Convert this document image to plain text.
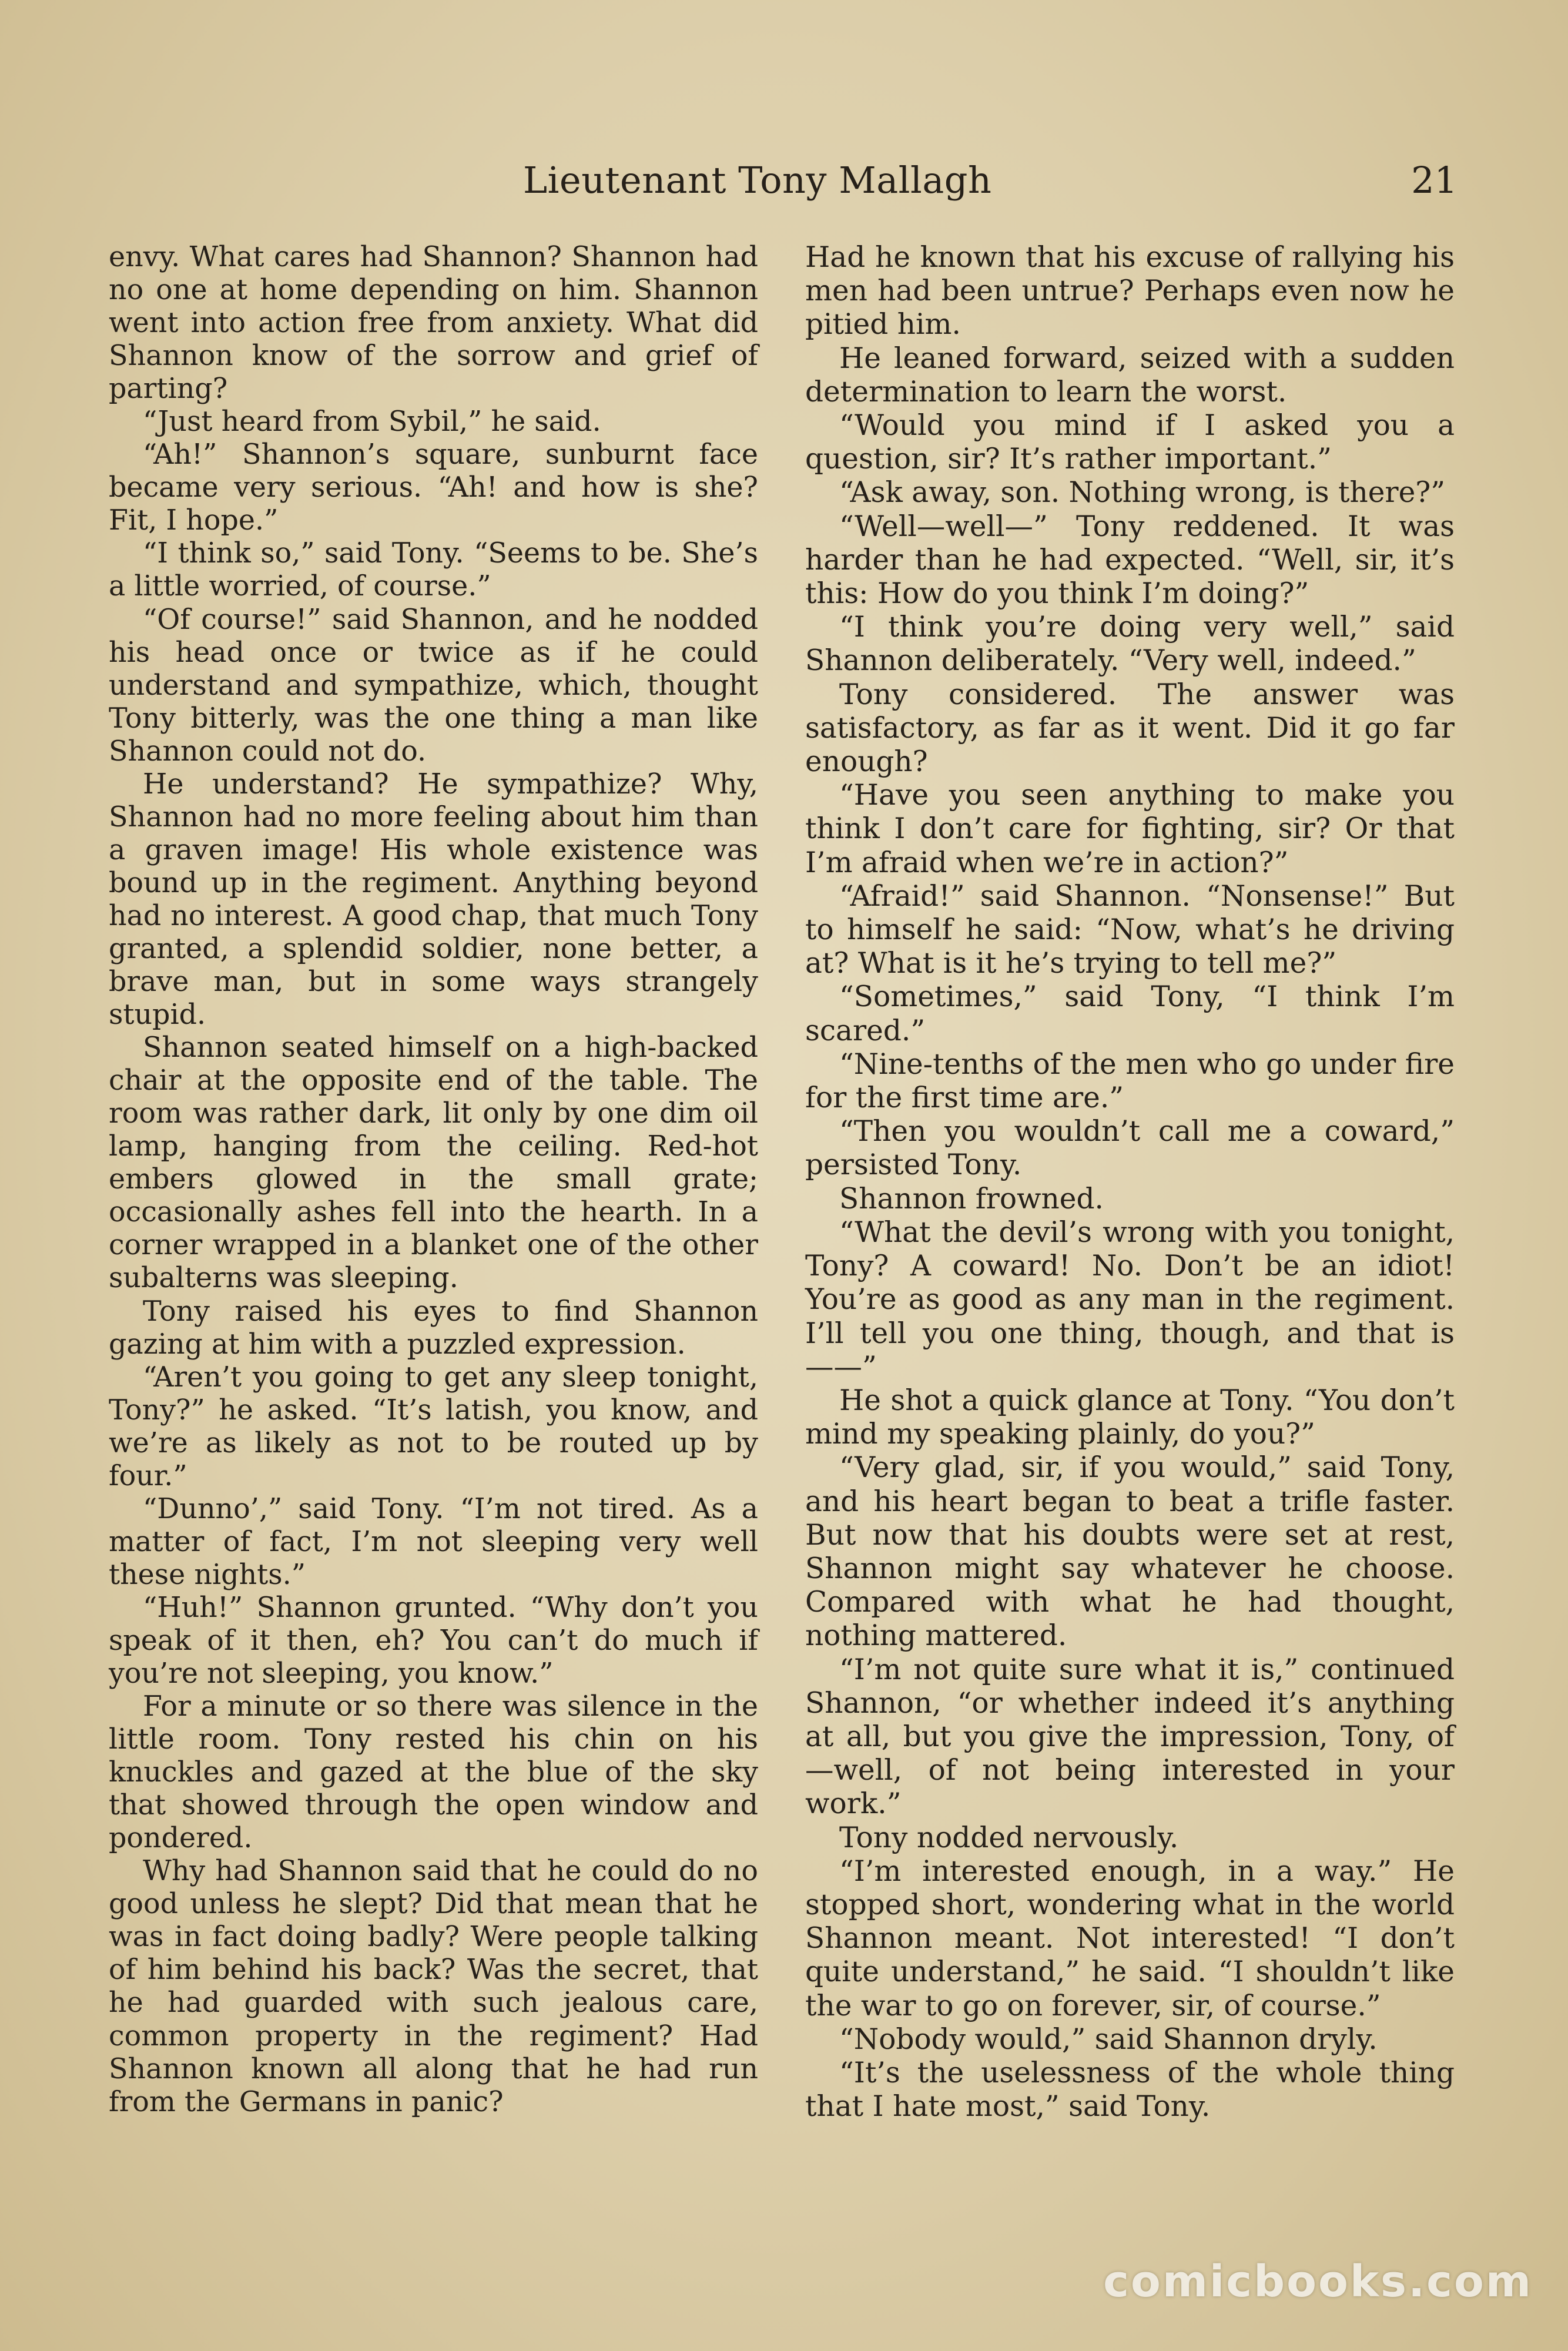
Lieutenant Tony Mallagh	21

envy. What cares had Shannon? Shannon had no one at home depending on him. Shannon went into action free from anxiety. What did Shannon know of the sorrow and grief of parting?

“Just heard from Sybil,” he said.

“Ah!” Shannon’s square, sunburnt face became very serious. “Ah! and how is she? Fit, I hope.”

“I think so,” said Tony. “Seems to be. She’s a little worried, of course.”

“Of course!” said Shannon, and he nodded his head once or twice as if he could understand and sympathize, which, thought Tony bitterly, was the one thing a man like Shannon could not do.

He understand? He sympathize? Why, Shannon had no more feeling about him than a graven image! His whole existence was bound up in the regiment. Anything beyond had no interest. A good chap, that much Tony granted, a splendid soldier, none better, a brave man, but in some ways strangely stupid.

Shannon seated himself on a high-backed chair at the opposite end of the table. The room was rather dark, lit only by one dim oil lamp, hanging from the ceiling. Red-hot embers glowed in the small grate; occasionally ashes fell into the hearth. In a corner wrapped in a blanket one of the other subalterns was sleeping.

Tony raised his eyes to find Shannon gazing at him with a puzzled expression.

“Aren’t you going to get any sleep tonight, Tony?” he asked. “It’s latish, you know, and we’re as likely as not to be routed up by four.”

“Dunno’,” said Tony. “I’m not tired. As a matter of fact, I’m not sleeping very well these nights.”

“Huh!” Shannon grunted. “Why don’t you speak of it then, eh? You can’t do much if you’re not sleeping, you know.”

For a minute or so there was silence in the little room. Tony rested his chin on his knuckles and gazed at the blue of the sky that showed through the open window and pondered.

Why had Shannon said that he could do no good unless he slept? Did that mean that he was in fact doing badly? Were people talking of him behind his back? Was the secret, that he had guarded with such jealous care, common property in the regiment? Had Shannon known all along that he had run from the Germans in panic?

Had he known that his excuse of rallying his men had been untrue? Perhaps even now he pitied him.

He leaned forward, seized with a sudden determination to learn the worst.

“Would you mind if I asked you a question, sir? It’s rather important.”

“Ask away, son. Nothing wrong, is there?”

“Well—well—” Tony reddened. It was harder than he had expected. “Well, sir, it’s this: How do you think I’m doing?”

“I think you’re doing very well,” said Shannon deliberately. “Very well, indeed.”

Tony considered. The answer was satisfactory, as far as it went. Did it go far enough?

“Have you seen anything to make you think I don’t care for fighting, sir? Or that I’m afraid when we’re in action?”

“Afraid!” said Shannon. “Nonsense!” But to himself he said: “Now, what’s he driving at? What is it he’s trying to tell me?”

“Sometimes,” said Tony, “I think I’m scared.”

“Nine-tenths of the men who go under fire for the first time are.”

“Then you wouldn’t call me a coward,” persisted Tony.

Shannon frowned.

“What the devil’s wrong with you tonight, Tony? A coward! No. Don’t be an idiot! You’re as good as any man in the regiment. I’ll tell you one thing, though, and that is——”

He shot a quick glance at Tony. “You don’t mind my speaking plainly, do you?”

“Very glad, sir, if you would,” said Tony, and his heart began to beat a trifle faster. But now that his doubts were set at rest, Shannon might say whatever he choose. Compared with what he had thought, nothing mattered.

“I’m not quite sure what it is,” continued Shannon, “or whether indeed it’s anything at all, but you give the impression, Tony, of—well, of not being interested in your work.”

Tony nodded nervously.

“I’m interested enough, in a way.” He stopped short, wondering what in the world Shannon meant. Not interested! “I don’t quite understand,” he said. “I shouldn’t like the war to go on forever, sir, of course.”

“Nobody would,” said Shannon dryly.

“It’s the uselessness of the whole thing that I hate most,” said Tony.

comicbooks.com
